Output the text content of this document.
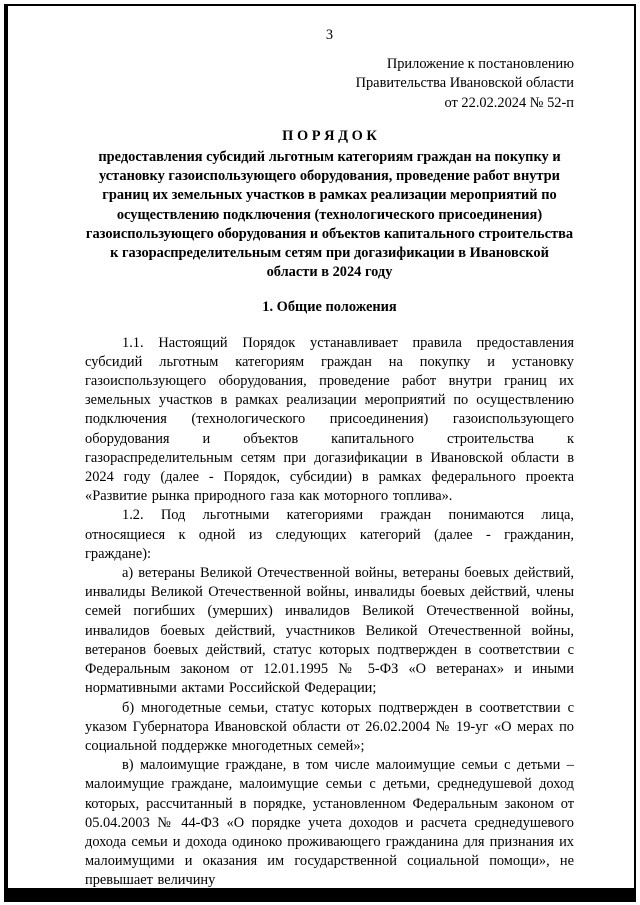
3
Приложение к постановлению
Правительства Ивановской области
от 22.02.2024 № 52-п
П О Р Я Д О К
предоставления субсидий льготным категориям граждан на покупку и установку газоиспользующего оборудования, проведение работ внутри границ их земельных участков в рамках реализации мероприятий по осуществлению подключения (технологического присоединения) газоиспользующего оборудования и объектов капитального строительства к газораспределительным сетям при догазификации в Ивановской области в 2024 году
1. Общие положения

1.1. Настоящий Порядок устанавливает правила предоставления субсидий льготным категориям граждан на покупку и установку газоиспользующего оборудования, проведение работ внутри границ их земельных участков в рамках реализации мероприятий по осуществлению подключения (технологического присоединения) газоиспользующего оборудования и объектов капитального строительства к газораспределительным сетям при догазификации в Ивановской области в 2024 году (далее - Порядок, субсидии) в рамках федерального проекта «Развитие рынка природного газа как моторного топлива».

1.2. Под льготными категориями граждан понимаются лица, относящиеся к одной из следующих категорий (далее - гражданин, граждане):

а) ветераны Великой Отечественной войны, ветераны боевых действий, инвалиды Великой Отечественной войны, инвалиды боевых действий, члены семей погибших (умерших) инвалидов Великой Отечественной войны, инвалидов боевых действий, участников Великой Отечественной войны, ветеранов боевых действий, статус которых подтвержден в соответствии с Федеральным законом от 12.01.1995 № 5-ФЗ «О ветеранах» и иными нормативными актами Российской Федерации;

б) многодетные семьи, статус которых подтвержден в соответствии с указом Губернатора Ивановской области от 26.02.2004 № 19-уг «О мерах по социальной поддержке многодетных семей»;

в) малоимущие граждане, в том числе малоимущие семьи с детьми – малоимущие граждане, малоимущие семьи с детьми, среднедушевой доход которых, рассчитанный в порядке, установленном Федеральным законом от 05.04.2003 № 44-ФЗ «О порядке учета доходов и расчета среднедушевого дохода семьи и дохода одиноко проживающего гражданина для признания их малоимущими и оказания им государственной социальной помощи», не превышает величину
